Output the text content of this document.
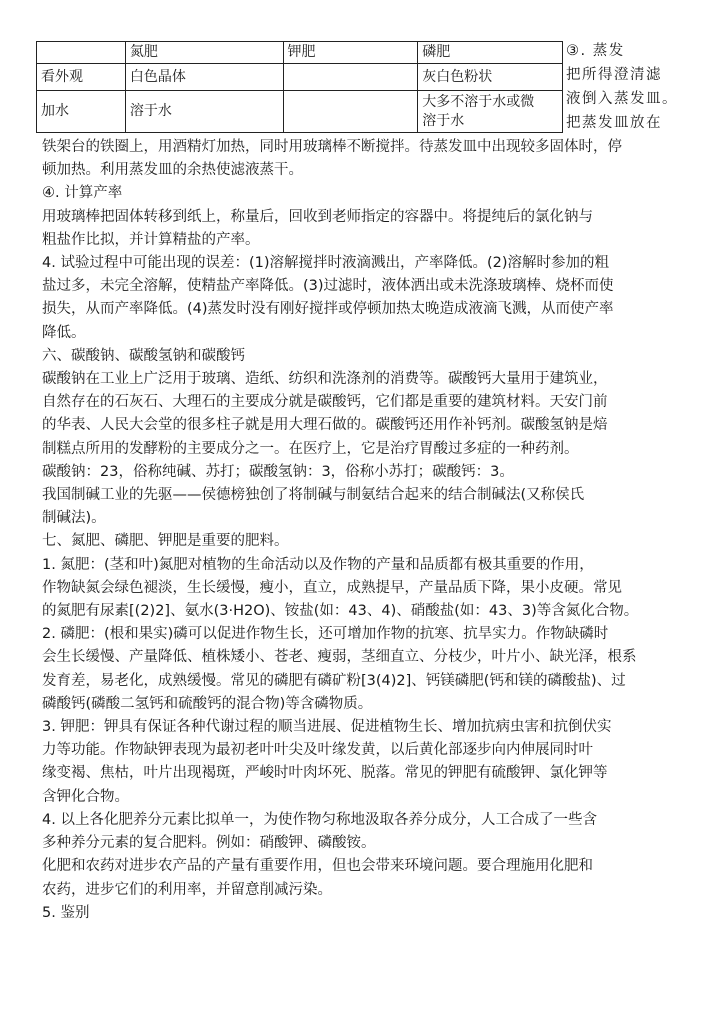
	氮肥	钾肥	磷肥
看外观	白色晶体		灰白色粉状
加水	溶于水		大多不溶于水或微
溶于水
③. 蒸发
把所得澄清滤
液倒入蒸发皿。
把蒸发皿放在

铁架台的铁圈上，用酒精灯加热，同时用玻璃棒不断搅拌。待蒸发皿中出现较多固体时，停

顿加热。利用蒸发皿的余热使滤液蒸干。

④. 计算产率

用玻璃棒把固体转移到纸上，称量后，回收到老师指定的容器中。将提纯后的氯化钠与

粗盐作比拟，并计算精盐的产率。

4. 试验过程中可能出现的误差：(1)溶解搅拌时液滴溅出，产率降低。(2)溶解时参加的粗

盐过多，未完全溶解，使精盐产率降低。(3)过滤时，液体洒出或未洗涤玻璃棒、烧杯而使

损失，从而产率降低。(4)蒸发时没有刚好搅拌或停顿加热太晚造成液滴飞溅，从而使产率

降低。

六、碳酸钠、碳酸氢钠和碳酸钙

碳酸钠在工业上广泛用于玻璃、造纸、纺织和洗涤剂的消费等。碳酸钙大量用于建筑业，

自然存在的石灰石、大理石的主要成分就是碳酸钙，它们都是重要的建筑材料。天安门前

的华表、人民大会堂的很多柱子就是用大理石做的。碳酸钙还用作补钙剂。碳酸氢钠是焙

制糕点所用的发酵粉的主要成分之一。在医疗上，它是治疗胃酸过多症的一种药剂。

碳酸钠：23，俗称纯碱、苏打；碳酸氢钠：3，俗称小苏打；碳酸钙：3。

我国制碱工业的先驱——侯德榜独创了将制碱与制氨结合起来的结合制碱法(又称侯氏

制碱法)。

七、氮肥、磷肥、钾肥是重要的肥料。

1. 氮肥：(茎和叶)氮肥对植物的生命活动以及作物的产量和品质都有极其重要的作用，

作物缺氮会绿色褪淡，生长缓慢，瘦小，直立，成熟提早，产量品质下降，果小皮硬。常见

的氮肥有尿素[(2)2]、氨水(3·H2O)、铵盐(如：43、4)、硝酸盐(如：43、3)等含氮化合物。

2. 磷肥：(根和果实)磷可以促进作物生长，还可增加作物的抗寒、抗旱实力。作物缺磷时

会生长缓慢、产量降低、植株矮小、苍老、瘦弱，茎细直立、分枝少，叶片小、缺光泽，根系

发育差，易老化，成熟缓慢。常见的磷肥有磷矿粉[3(4)2]、钙镁磷肥(钙和镁的磷酸盐)、过

磷酸钙(磷酸二氢钙和硫酸钙的混合物)等含磷物质。

3. 钾肥：钾具有保证各种代谢过程的顺当进展、促进植物生长、增加抗病虫害和抗倒伏实

力等功能。作物缺钾表现为最初老叶叶尖及叶缘发黄，以后黄化部逐步向内伸展同时叶

缘变褐、焦枯，叶片出现褐斑，严峻时叶肉坏死、脱落。常见的钾肥有硫酸钾、氯化钾等

含钾化合物。

4. 以上各化肥养分元素比拟单一，为使作物匀称地汲取各养分成分，人工合成了一些含

多种养分元素的复合肥料。例如：硝酸钾、磷酸铵。

化肥和农药对进步农产品的产量有重要作用，但也会带来环境问题。要合理施用化肥和

农药，进步它们的利用率，并留意削减污染。

5. 鉴别
